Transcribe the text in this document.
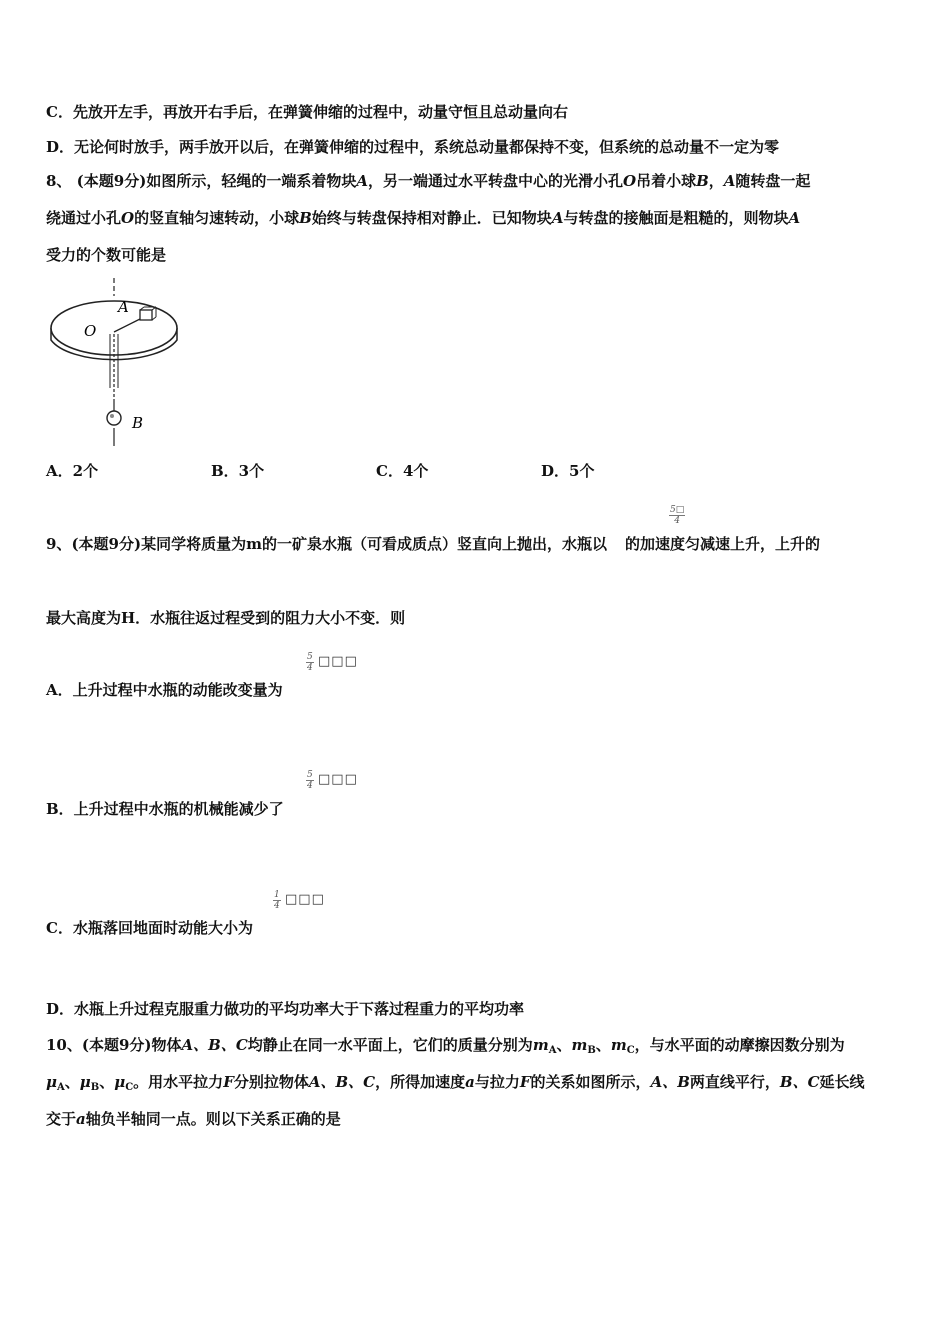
C．先放开左手，再放开右手后，在弹簧伸缩的过程中，动量守恒且总动量向右
D．无论何时放手，两手放开以后，在弹簧伸缩的过程中，系统总动量都保持不变，但系统的总动量不一定为零
8、 (本题9分)如图所示，轻绳的一端系着物块A，另一端通过水平转盘中心的光滑小孔O吊着小球B，A随转盘一起
绕通过小孔O的竖直轴匀速转动，小球B始终与转盘保持相对静止．已知物块A与转盘的接触面是粗糙的，则物块A
受力的个数可能是
A
O
B
A．2个	B．3个	C．4个	D．5个
$\frac{5□}{4}$
9、(本题9分)某同学将质量为m的一矿泉水瓶（可看成质点）竖直向上抛出，水瓶以 的加速度匀减速上升，上升的
最大高度为H．水瓶往返过程受到的阻力大小不变．则
$\frac{5}{4}$ □□□
A．上升过程中水瓶的动能改变量为
$\frac{5}{4}$ □□□
B．上升过程中水瓶的机械能减少了
$\frac{1}{4}$ □□□
C．水瓶落回地面时动能大小为
D．水瓶上升过程克服重力做功的平均功率大于下落过程重力的平均功率
10、(本题9分)物体A、B、C均静止在同一水平面上，它们的质量分别为$m_A$、$m_B$、$m_C$，与水平面的动摩擦因数分别为
$\mu_A$、$\mu_B$、$\mu_C$。用水平拉力F分别拉物体A、B、C，所得加速度a与拉力F的关系如图所示，A、B两直线平行，B、C延长线
交于a轴负半轴同一点。则以下关系正确的是
